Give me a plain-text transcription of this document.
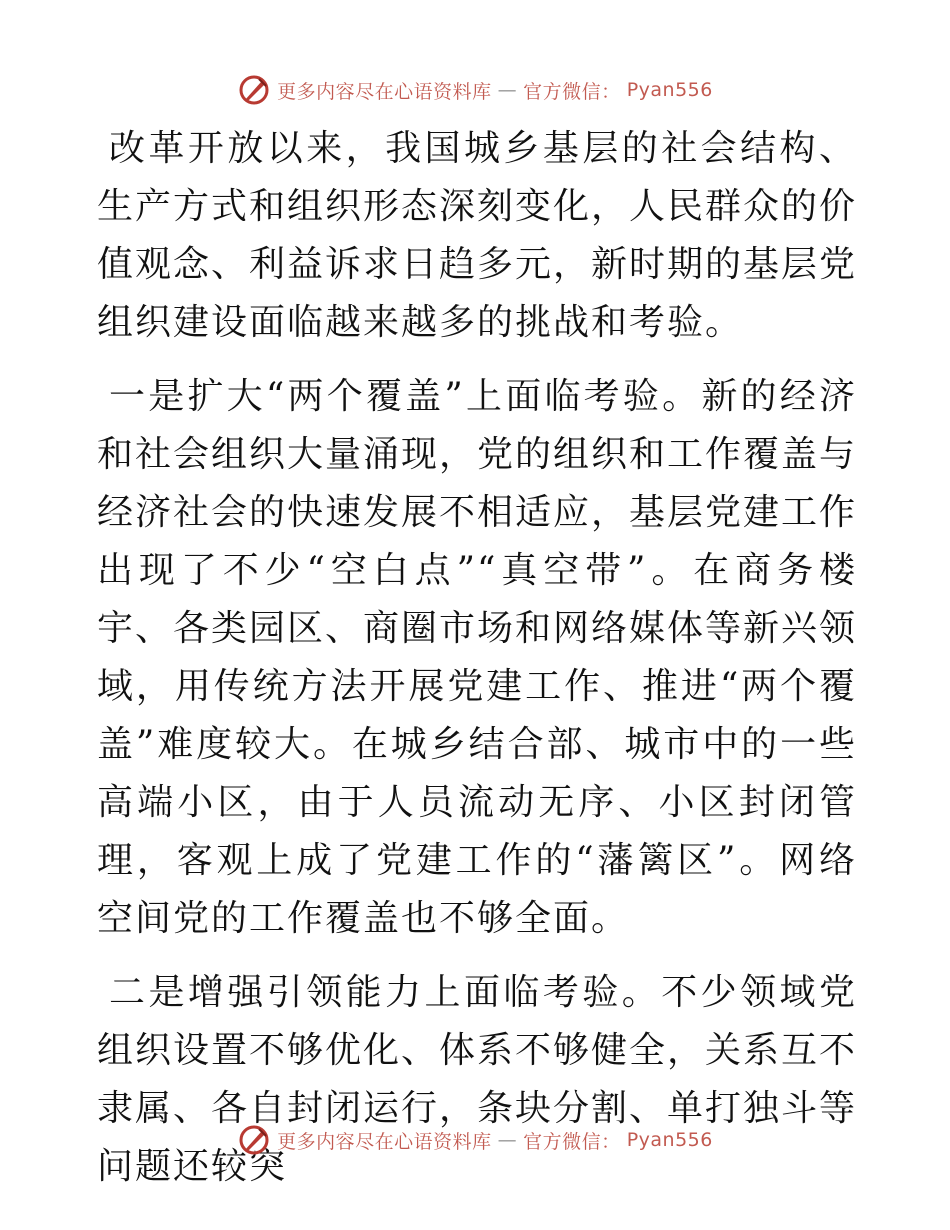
更多内容尽在心语资料库 — 官方微信： Pyan556

改革开放以来，我国城乡基层的社会结构、生产方式和组织形态深刻变化，人民群众的价值观念、利益诉求日趋多元，新时期的基层党组织建设面临越来越多的挑战和考验。

一是扩大“两个覆盖”上面临考验。新的经济和社会组织大量涌现，党的组织和工作覆盖与经济社会的快速发展不相适应，基层党建工作出现了不少“空白点”“真空带”。在商务楼宇、各类园区、商圈市场和网络媒体等新兴领域，用传统方法开展党建工作、推进“两个覆盖”难度较大。在城乡结合部、城市中的一些高端小区，由于人员流动无序、小区封闭管理，客观上成了党建工作的“藩篱区”。网络空间党的工作覆盖也不够全面。

二是增强引领能力上面临考验。不少领域党组织设置不够优化、体系不够健全，关系互不隶属、各自封闭运行，条块分割、单打独斗等问题还较突

更多内容尽在心语资料库 — 官方微信： Pyan556
